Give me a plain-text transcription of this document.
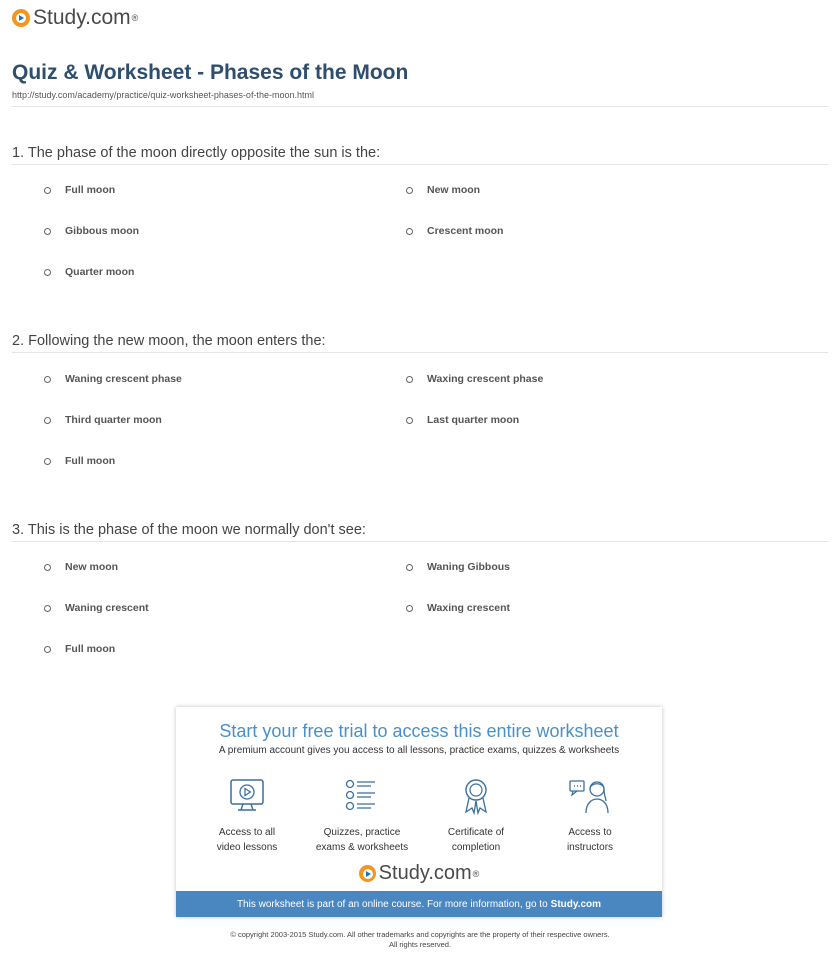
Study.com ®
Quiz & Worksheet - Phases of the Moon
http://study.com/academy/practice/quiz-worksheet-phases-of-the-moon.html
1. The phase of the moon directly opposite the sun is the:
Full moon	New moon
Gibbous moon	Crescent moon
Quarter moon
2. Following the new moon, the moon enters the:
Waning crescent phase	Waxing crescent phase
Third quarter moon	Last quarter moon
Full moon
3. This is the phase of the moon we normally don't see:
New moon	Waning Gibbous
Waning crescent	Waxing crescent
Full moon
Start your free trial to access this entire worksheet
A premium account gives you access to all lessons, practice exams, quizzes & worksheets
Access to all
video lessons
Quizzes, practice
exams & worksheets
Certificate of
completion
Access to
instructors
Study.com ®
This worksheet is part of an online course. For more information, go to Study.com
© copyright 2003-2015 Study.com. All other trademarks and copyrights are the property of their respective owners.
All rights reserved.
